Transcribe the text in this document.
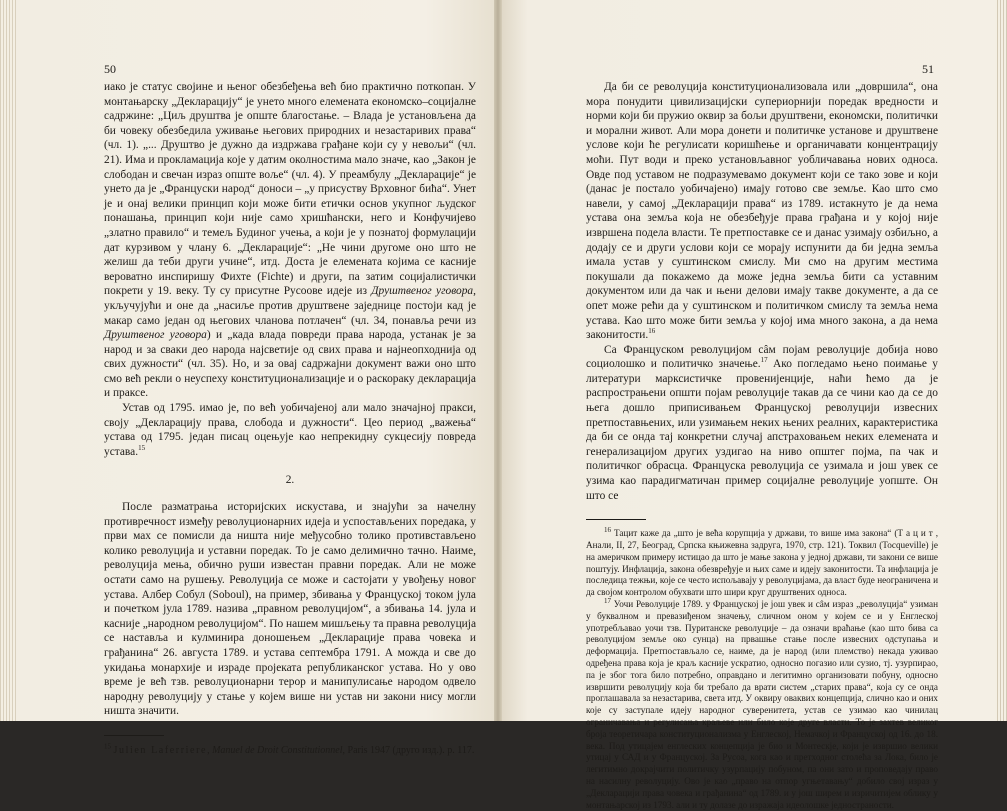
50

иако је статус својине и њеног обезбеђења већ био практично поткопан. У монтањарску „Декларацију“ је унето много елемената економско–социјалне садржине: „Циљ друштва је опште благостање. – Влада је установљена да би човеку обезбедила уживање његових природних и незастаривих права“ (чл. 1). „... Друштво је дужно да издржава грађане који су у невољи“ (чл. 21). Има и прокламација које у датим околностима мало значе, као „Закон је слободан и свечан израз опште воље“ (чл. 4). У преамбулу „Декларације“ је унето да је „Француски народ“ доноси – „у присуству Врховног бића“. Унет је и онај велики принцип који може бити етички основ укупног људског понашања, принцип који није само хришћански, него и Конфучијево „златно правило“ и темељ Будиног учења, а који је у познатој формулацији дат курзивом у члану 6. „Декларације“: „Не чини другоме оно што не желиш да теби други учине“, итд. Доста је елемената којима се касније вероватно инспиришу Фихте (Fichte) и други, па затим социјалистички покрети у 19. веку. Ту су присутне Русоове идеје из Друштвеног уговора, укључујући и оне да „насиље против друштвене заједнице постоји кад је макар само један од његових чланова потлачен“ (чл. 34, понавља речи из Друштвеног уговора) и „када влада повреди права народа, устанак је за народ и за сваки део народа најсветије од свих права и најнеопходнија од свих дужности“ (чл. 35). Но, и за овај садржајни документ важи оно што смо већ рекли о неуспеху конституционализације и о раскораку декларација и праксе.

Устав од 1795. имао је, по већ уобичајеној али мало значајној пракси, своју „Декларацију права, слобода и дужности“. Цео период „важења“ устава од 1795. један писац оцењује као непрекидну сукцесију повреда устава.$^{15}$

2.

После разматрања историјских искустава, и знајући за начелну противречност између револуционарних идеја и успостављених поредака, у први мах се помисли да ништа није међусобно толико противстављено колико револуција и уставни поредак. То је само делимично тачно. Наиме, револуција мења, обично руши известан правни поредак. Али не може остати само на рушењу. Револуција се може и састојати у увођењу новог устава. Албер Собул (Soboul), на пример, збивања у Француској током јула и почетком јула 1789. назива „правном револуцијом“, а збивања 14. јула и касније „народном револуцијом“. По нашем мишљењу та правна револуција се наставља и кулминира доношењем „Декларације права човека и грађанина“ 26. августа 1789. и устава септембра 1791. А можда и све до укидања монархије и израде пројеката републиканског устава. Но у ово време је већ тзв. револуционарни терор и манипулисање народом одвело народну револуцију у стање у којем више ни устав ни закони нису могли ништа значити.

$^{15}$ Julien Laferriere, Manuel de Droit Constitutionnel, Paris 1947 (друго изд.). p. 117.
51

Да би се револуција конституционализовала или „довршила“, она мора понудити цивилизацијски супериорнији поредак вредности и норми који би пружио оквир за бољи друштвени, економски, политички и морални живот. Али мора донети и политичке установе и друштвене услове који ће регулисати коришћење и органичавати концентрацију моћи. Пут води и преко установљавног уобличавања нових односа. Овде под уставом не подразумевамо документ који се тако зове и који (данас је постало уобичајено) имају готово све земље. Као што смо навели, у самој „Декларацији права“ из 1789. истакнуто је да нема устава она земља која не обезбеђује права грађана и у којој није извршена подела власти. Те претпоставке се и данас узимају озбиљно, а додају се и други услови који се морају испунити да би једна земља имала устав у суштинском смислу. Ми смо на другим местима покушали да покажемо да може једна земља бити са уставним документом или да чак и њени делови имају такве документе, а да се опет може рећи да у суштинском и политичком смислу та земља нема устава. Као што може бити земља у којој има много закона, а да нема законитости.$^{16}$

Са Француском револуцијом сâм појам револуције добија ново социолошко и политичко значење.$^{17}$ Ако погледамо њено поимање у литератури марксистичке провенијенције, наћи ћемо да је распрострањени општи појам револуције такав да се чини као да се до њега дошло приписивањем Француској револуцији извесних претпоставњених, или узимањем неких њених реалних, карактеристика да би се онда тај конкретни случај апстраховањем неких елемената и генерализацијом других уздигао на ниво општег појма, па чак и политичког обрасца. Француска револуција се узимала и још увек се узима као парадигматичан пример социјалне револуције уопште. Он што се

$^{16}$ Тацит каже да „што је већа корупција у држави, то више има закона“ (Т а ц и т , Анали, II, 27, Београд, Српска књижевна задруга, 1970, стр. 121). Токвил (Tocqueville) је на америчком примеру истицао да што је мање закона у једној држави, ти закони се више поштују. Инфлација, закона обезвређује и њих саме и идеју законитости. Та инфлација је последица тежњи, које се често испољавају у револуцијама, да власт буде неограничена и да својом контролом обухвати што шири круг друштвених односа.

$^{17}$ Уочи Револуције 1789. у Француској је још увек и сâм израз „револуција“ узиман у буквалном и превазиђеном значењу, сличном оном у којем се и у Енглеској употребљавао уочи тзв. Пуританске револуције – да означи враћање (као што бива са револуцијом земље око сунца) на првашње стање после извесних одступања и деформација. Претпостављало се, наиме, да је народ (или племство) некада уживао одређена права која је краљ касније ускратио, односно погазио или сузио, тј. узурпирао, па је због тога било потребно, оправдано и легитимно организовати побуну, односно извршити револуцију која би требало да врати систем „старих права“, која су се онда проглашавала за незастарива, света итд. У оквиру оваквих концепција, слично као и оних које су заступале идеју народног суверенитета, устав се узимао као чинилац ограничавања и регулисања краљеве или било које друге власти. То је захтев великог броја теоретичара конституционализма у Енглеској, Немачкој и Француској од 16. до 18. века. Под утицајем енглеских концепција је био и Монтескје, који је извршио велики утицај у САД и у Француској. За Русоа, кога као и претходног столећа за Лока, било је легитимно докрајчити политичку узурпацију побуном, па они зато и проповедају право на насилну револуцију. Ово је као „право на отпор угњетавању“ добило свој израз у „Декларацији права човека и грађанина“ од 1789. и у још ширем и изричитијем облику у монтањарској из 1793. али и ту долазе до изражаја идеолошке једностраности.
